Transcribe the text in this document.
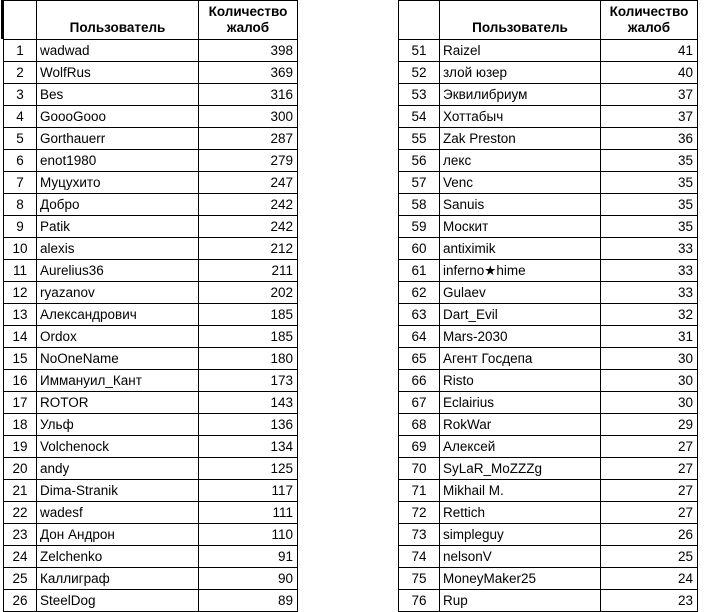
	Пользователь	Количество жалоб
1	wadwad	398
2	WolfRus	369
3	Bes	316
4	GoooGooo	300
5	Gorthauerr	287
6	enot1980	279
7	Муцухито	247
8	Добро	242
9	Patik	242
10	alexis	212
11	Aurelius36	211
12	ryazanov	202
13	Александрович	185
14	Ordox	185
15	NoOneName	180
16	Иммануил_Кант	173
17	ROTOR	143
18	Ульф	136
19	Volchenock	134
20	andy	125
21	Dima-Stranik	117
22	wadesf	111
23	Дон Андрон	110
24	Zelchenko	91
25	Каллиграф	90
26	SteelDog	89
	Пользователь	Количество жалоб
51	Raizel	41
52	злой юзер	40
53	Эквилибриум	37
54	Хоттабыч	37
55	Zak Preston	36
56	лекс	35
57	Venc	35
58	Sanuis	35
59	Москит	35
60	antiximik	33
61	inferno★hime	33
62	Gulaev	33
63	Dart_Evil	32
64	Mars-2030	31
65	Агент Госдепа	30
66	Risto	30
67	Eclairius	30
68	RokWar	29
69	Алексей	27
70	SyLaR_MoZZZg	27
71	Mikhail M.	27
72	Rettich	27
73	simpleguy	26
74	nelsonV	25
75	MoneyMaker25	24
76	Rup	23
